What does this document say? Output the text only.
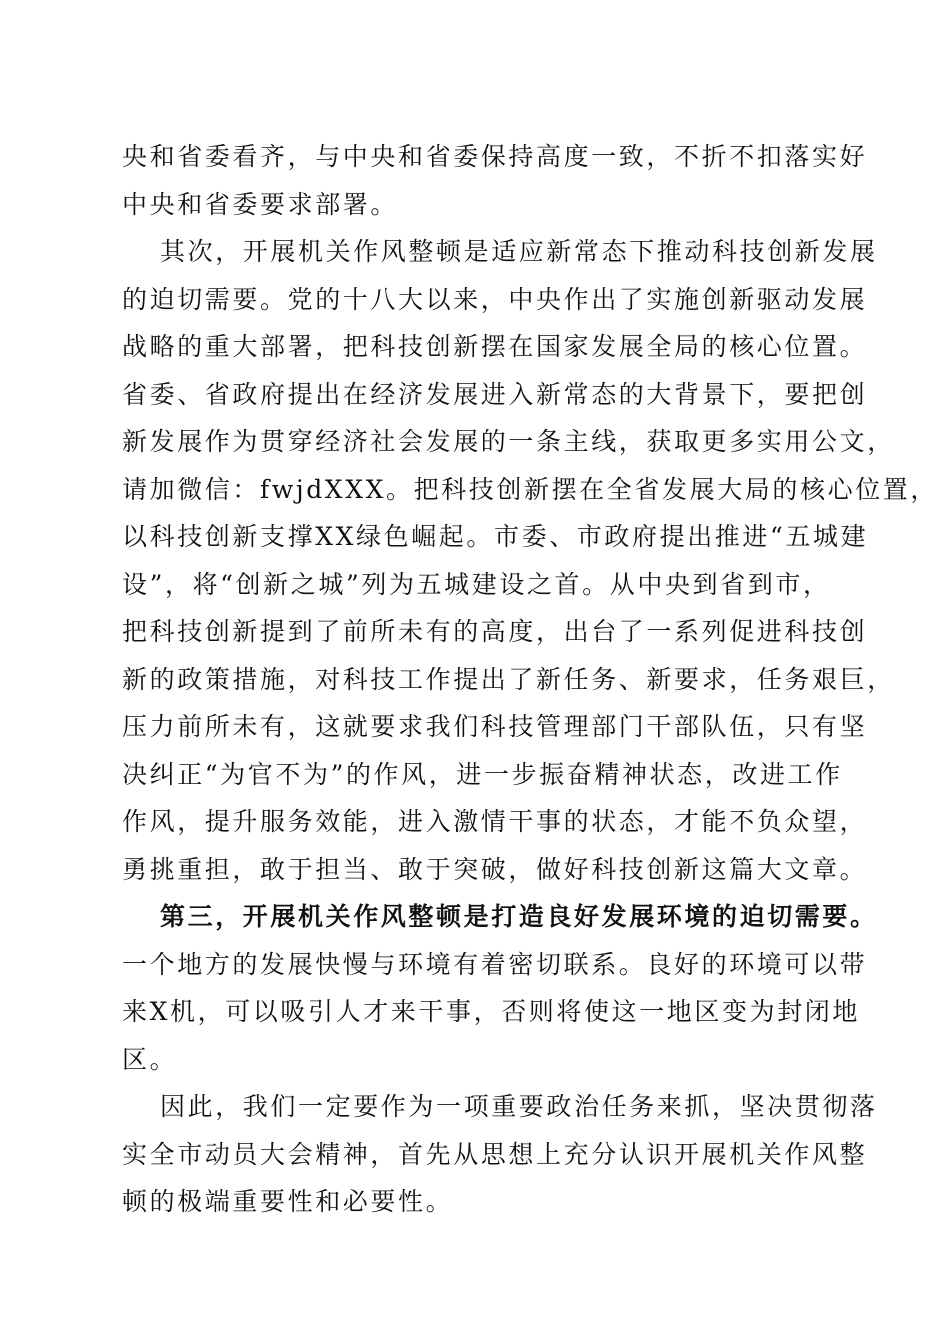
央和省委看齐，与中央和省委保持高度一致，不折不扣落实好
中央和省委要求部署。
其次，开展机关作风整顿是适应新常态下推动科技创新发展
的迫切需要。党的十八大以来，中央作出了实施创新驱动发展
战略的重大部署，把科技创新摆在国家发展全局的核心位置。
省委、省政府提出在经济发展进入新常态的大背景下，要把创
新发展作为贯穿经济社会发展的一条主线，获取更多实用公文，
请加微信：fwjdXXX。把科技创新摆在全省发展大局的核心位置，
以科技创新支撑XX绿色崛起。市委、市政府提出推进“五城建
设”，将“创新之城”列为五城建设之首。从中央到省到市，
把科技创新提到了前所未有的高度，出台了一系列促进科技创
新的政策措施，对科技工作提出了新任务、新要求，任务艰巨，
压力前所未有，这就要求我们科技管理部门干部队伍，只有坚
决纠正“为官不为”的作风，进一步振奋精神状态，改进工作
作风，提升服务效能，进入激情干事的状态，才能不负众望，
勇挑重担，敢于担当、敢于突破，做好科技创新这篇大文章。
第三，开展机关作风整顿是打造良好发展环境的迫切需要。
一个地方的发展快慢与环境有着密切联系。良好的环境可以带
来X机，可以吸引人才来干事，否则将使这一地区变为封闭地
区。
因此，我们一定要作为一项重要政治任务来抓，坚决贯彻落
实全市动员大会精神，首先从思想上充分认识开展机关作风整
顿的极端重要性和必要性。
